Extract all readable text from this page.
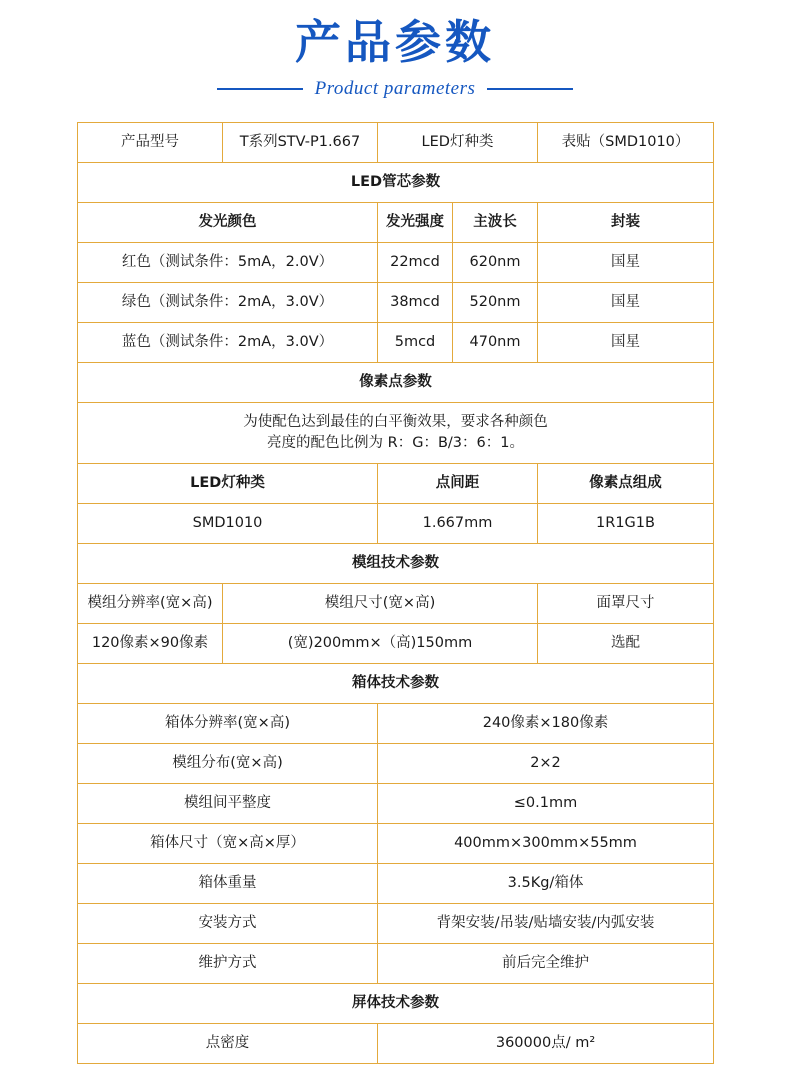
产品参数
Product parameters
产品型号	T系列STV-P1.667	LED灯种类		表贴（SMD1010）
LED管芯参数				
发光颜色		发光强度	主波长	封装
红色（测试条件：5mA，2.0V）		22mcd	620nm	国星
绿色（测试条件：2mA，3.0V）		38mcd	520nm	国星
蓝色（测试条件：2mA，3.0V）		5mcd	470nm	国星
像素点参数				

为使配色达到最佳的白平衡效果，要求各种颜色
亮度的配色比例为 R：G：B/3：6：1。				

LED灯种类		点间距		像素点组成
SMD1010		1.667mm		1R1G1B
模组技术参数				
模组分辨率(宽×高)	模组尺寸(宽×高)			面罩尺寸
120像素×90像素	(宽)200mm×（高)150mm			选配
箱体技术参数				
箱体分辨率(宽×高)		240像素×180像素		
模组分布(宽×高)		2×2		
模组间平整度		≤0.1mm		
箱体尺寸（宽×高×厚）		400mm×300mm×55mm		
箱体重量		3.5Kg/箱体		
安装方式		背架安装/吊装/贴墙安装/内弧安装		
维护方式		前后完全维护		
屏体技术参数				
点密度		360000点/ m²		
